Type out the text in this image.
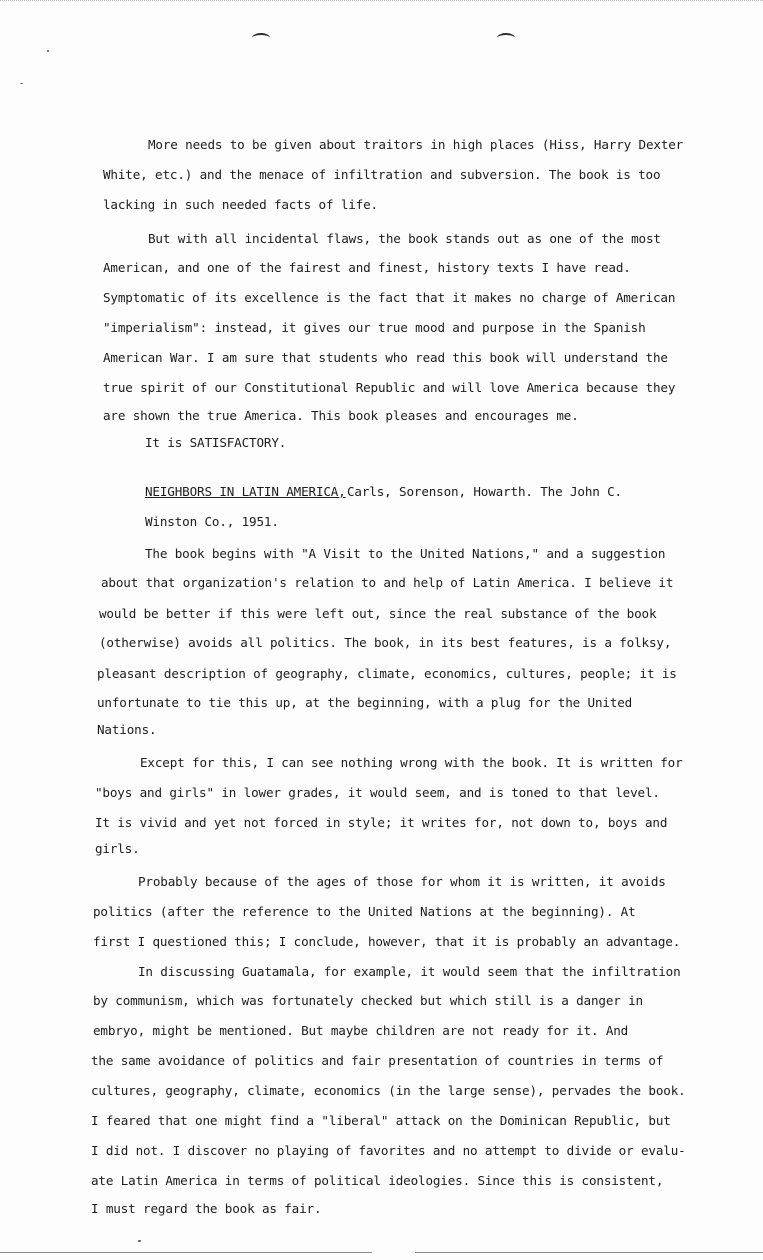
More needs to be given about traitors in high places (Hiss, Harry Dexter
White, etc.) and the menace of infiltration and subversion. The book is too
lacking in such needed facts of life.
But with all incidental flaws, the book stands out as one of the most
American, and one of the fairest and finest, history texts I have read.
Symptomatic of its excellence is the fact that it makes no charge of American
"imperialism": instead, it gives our true mood and purpose in the Spanish
American War. I am sure that students who read this book will understand the
true spirit of our Constitutional Republic and will love America because they
are shown the true America. This book pleases and encourages me.
It is SATISFACTORY.
NEIGHBORS IN LATIN AMERICA, Carls, Sorenson, Howarth. The John C.
Winston Co., 1951.
The book begins with "A Visit to the United Nations," and a suggestion
about that organization's relation to and help of Latin America. I believe it
would be better if this were left out, since the real substance of the book
(otherwise) avoids all politics. The book, in its best features, is a folksy,
pleasant description of geography, climate, economics, cultures, people; it is
unfortunate to tie this up, at the beginning, with a plug for the United
Nations.
Except for this, I can see nothing wrong with the book. It is written for
"boys and girls" in lower grades, it would seem, and is toned to that level.
It is vivid and yet not forced in style; it writes for, not down to, boys and
girls.
Probably because of the ages of those for whom it is written, it avoids
politics (after the reference to the United Nations at the beginning). At
first I questioned this; I conclude, however, that it is probably an advantage.
In discussing Guatamala, for example, it would seem that the infiltration
by communism, which was fortunately checked but which still is a danger in
embryo, might be mentioned. But maybe children are not ready for it. And
the same avoidance of politics and fair presentation of countries in terms of
cultures, geography, climate, economics (in the large sense), pervades the book.
I feared that one might find a "liberal" attack on the Dominican Republic, but
I did not. I discover no playing of favorites and no attempt to divide or evalu-
ate Latin America in terms of political ideologies. Since this is consistent,
I must regard the book as fair.
